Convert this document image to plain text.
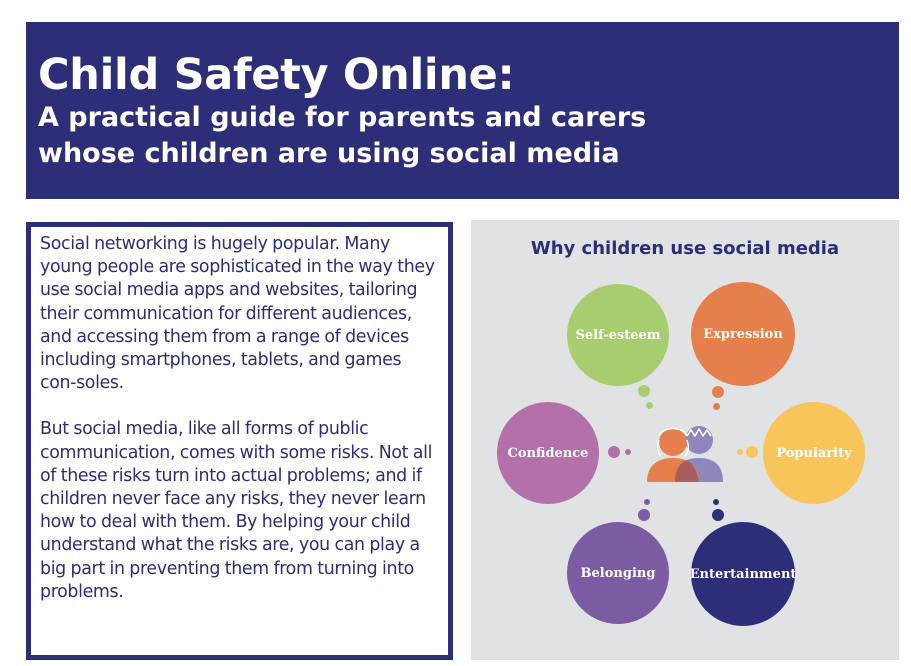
Child Safety Online:
A practical guide for parents and carers
whose children are using social media

Social networking is hugely popular. Many young people are sophisticated in the way they use social media apps and websites, tailoring their communication for different audiences, and accessing them from a range of devices including smartphones, tablets, and games con-soles.

But social media, like all forms of public communication, comes with some risks. Not all of these risks turn into actual problems; and if children never face any risks, they never learn how to deal with them. By helping your child understand what the risks are, you can play a big part in preventing them from turning into problems.

Why children use social media
Self-esteem	Expression
Confidence	Popularity
Belonging	Entertainment
